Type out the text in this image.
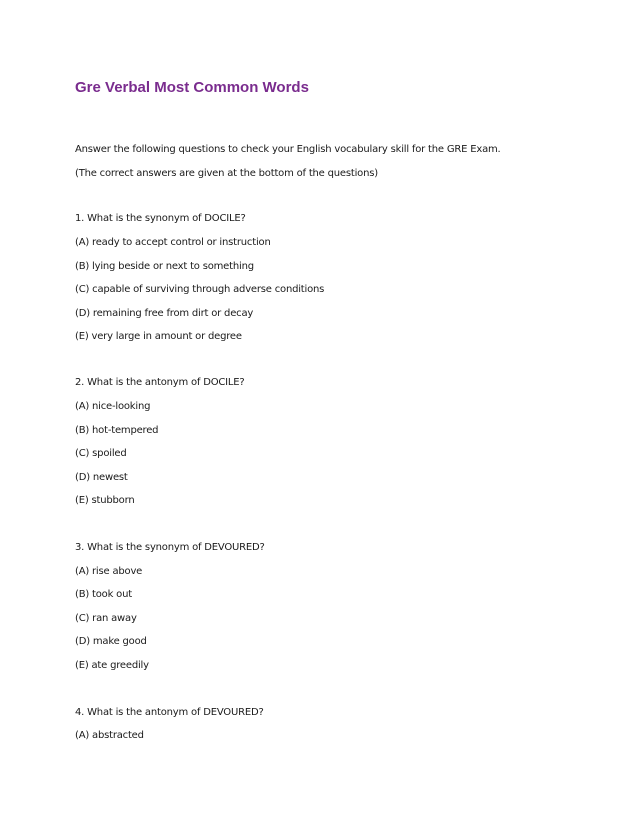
Gre Verbal Most Common Words
Answer the following questions to check your English vocabulary skill for the GRE Exam.
(The correct answers are given at the bottom of the questions)
1. What is the synonym of DOCILE?
(A) ready to accept control or instruction
(B) lying beside or next to something
(C) capable of surviving through adverse conditions
(D) remaining free from dirt or decay
(E) very large in amount or degree
2. What is the antonym of DOCILE?
(A) nice-looking
(B) hot-tempered
(C) spoiled
(D) newest
(E) stubborn
3. What is the synonym of DEVOURED?
(A) rise above
(B) took out
(C) ran away
(D) make good
(E) ate greedily
4. What is the antonym of DEVOURED?
(A) abstracted
